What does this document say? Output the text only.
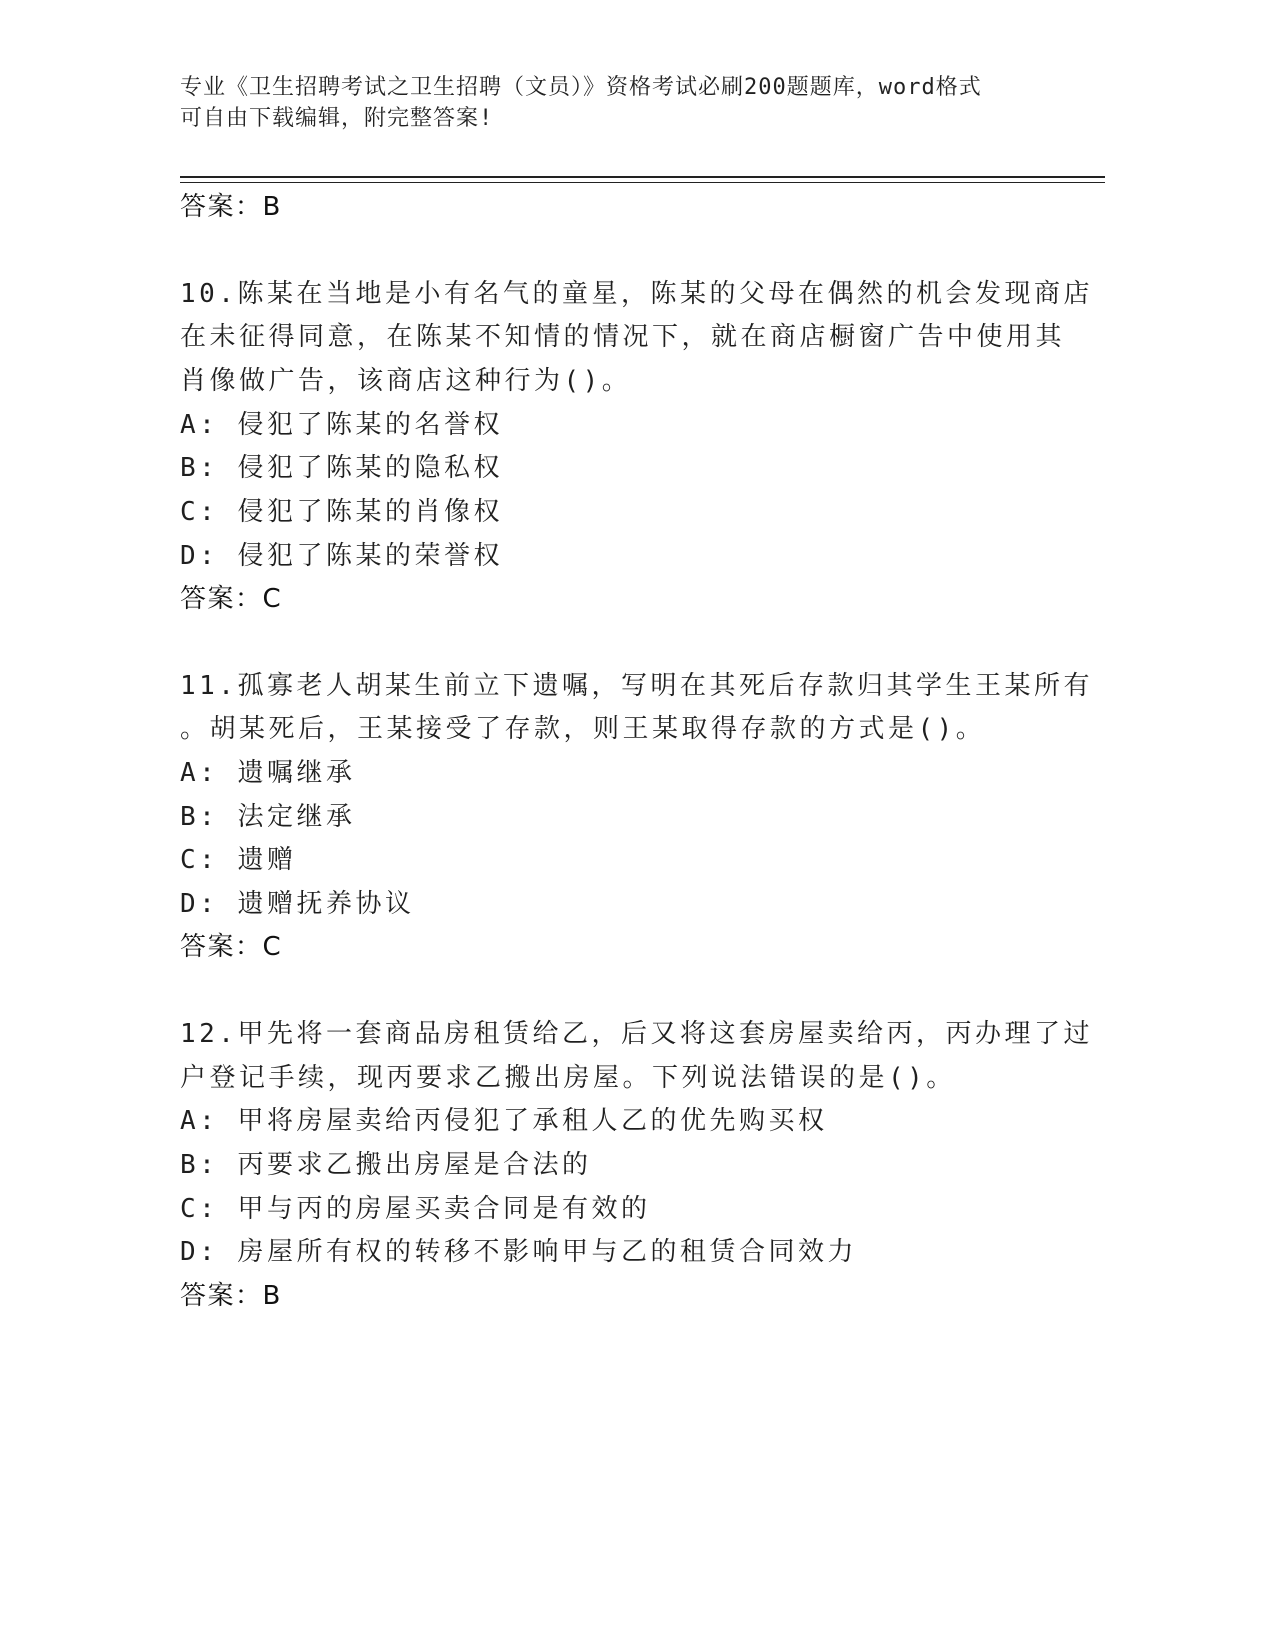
专业《卫生招聘考试之卫生招聘（文员）》资格考试必刷200题题库，word格式
可自由下载编辑，附完整答案!
答案：B
10.陈某在当地是小有名气的童星，陈某的父母在偶然的机会发现商店
在未征得同意，在陈某不知情的情况下，就在商店橱窗广告中使用其
肖像做广告，该商店这种行为()。
A: 侵犯了陈某的名誉权
B: 侵犯了陈某的隐私权
C: 侵犯了陈某的肖像权
D: 侵犯了陈某的荣誉权
答案：C
11.孤寡老人胡某生前立下遗嘱，写明在其死后存款归其学生王某所有
。胡某死后，王某接受了存款，则王某取得存款的方式是()。
A: 遗嘱继承
B: 法定继承
C: 遗赠
D: 遗赠抚养协议
答案：C
12.甲先将一套商品房租赁给乙，后又将这套房屋卖给丙，丙办理了过
户登记手续，现丙要求乙搬出房屋。下列说法错误的是()。
A: 甲将房屋卖给丙侵犯了承租人乙的优先购买权
B: 丙要求乙搬出房屋是合法的
C: 甲与丙的房屋买卖合同是有效的
D: 房屋所有权的转移不影响甲与乙的租赁合同效力
答案：B
